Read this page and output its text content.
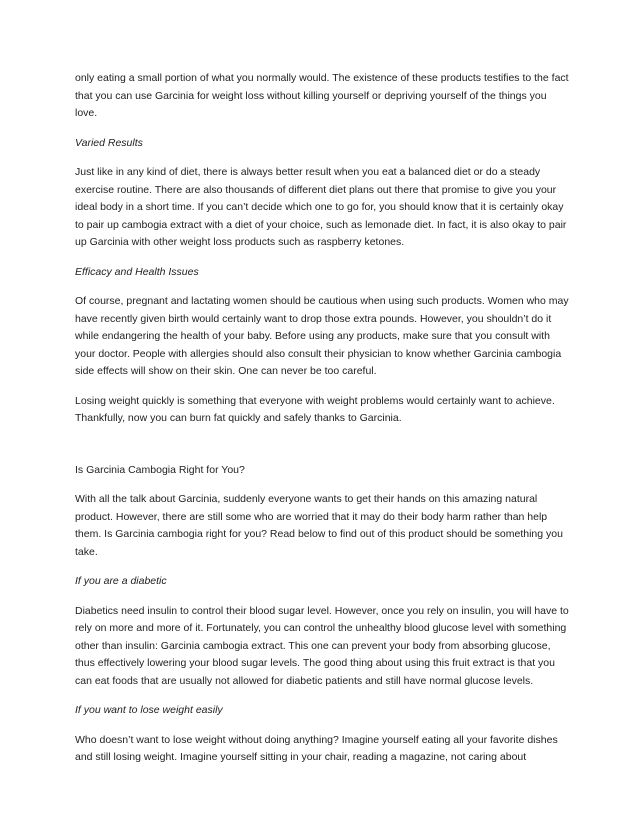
only eating a small portion of what you normally would. The existence of these products testifies to the fact that you can use Garcinia for weight loss without killing yourself or depriving yourself of the things you love.

Varied Results

Just like in any kind of diet, there is always better result when you eat a balanced diet or do a steady exercise routine. There are also thousands of different diet plans out there that promise to give you your ideal body in a short time. If you can’t decide which one to go for, you should know that it is certainly okay to pair up cambogia extract with a diet of your choice, such as lemonade diet. In fact, it is also okay to pair up Garcinia with other weight loss products such as raspberry ketones.

Efficacy and Health Issues

Of course, pregnant and lactating women should be cautious when using such products. Women who may have recently given birth would certainly want to drop those extra pounds. However, you shouldn’t do it while endangering the health of your baby. Before using any products, make sure that you consult with your doctor. People with allergies should also consult their physician to know whether Garcinia cambogia side effects will show on their skin. One can never be too careful.

Losing weight quickly is something that everyone with weight problems would certainly want to achieve. Thankfully, now you can burn fat quickly and safely thanks to Garcinia.

Is Garcinia Cambogia Right for You?

With all the talk about Garcinia, suddenly everyone wants to get their hands on this amazing natural product. However, there are still some who are worried that it may do their body harm rather than help them. Is Garcinia cambogia right for you? Read below to find out of this product should be something you take.

If you are a diabetic

Diabetics need insulin to control their blood sugar level. However, once you rely on insulin, you will have to rely on more and more of it. Fortunately, you can control the unhealthy blood glucose level with something other than insulin: Garcinia cambogia extract. This one can prevent your body from absorbing glucose, thus effectively lowering your blood sugar levels. The good thing about using this fruit extract is that you can eat foods that are usually not allowed for diabetic patients and still have normal glucose levels.

If you want to lose weight easily

Who doesn’t want to lose weight without doing anything? Imagine yourself eating all your favorite dishes and still losing weight. Imagine yourself sitting in your chair, reading a magazine, not caring about
